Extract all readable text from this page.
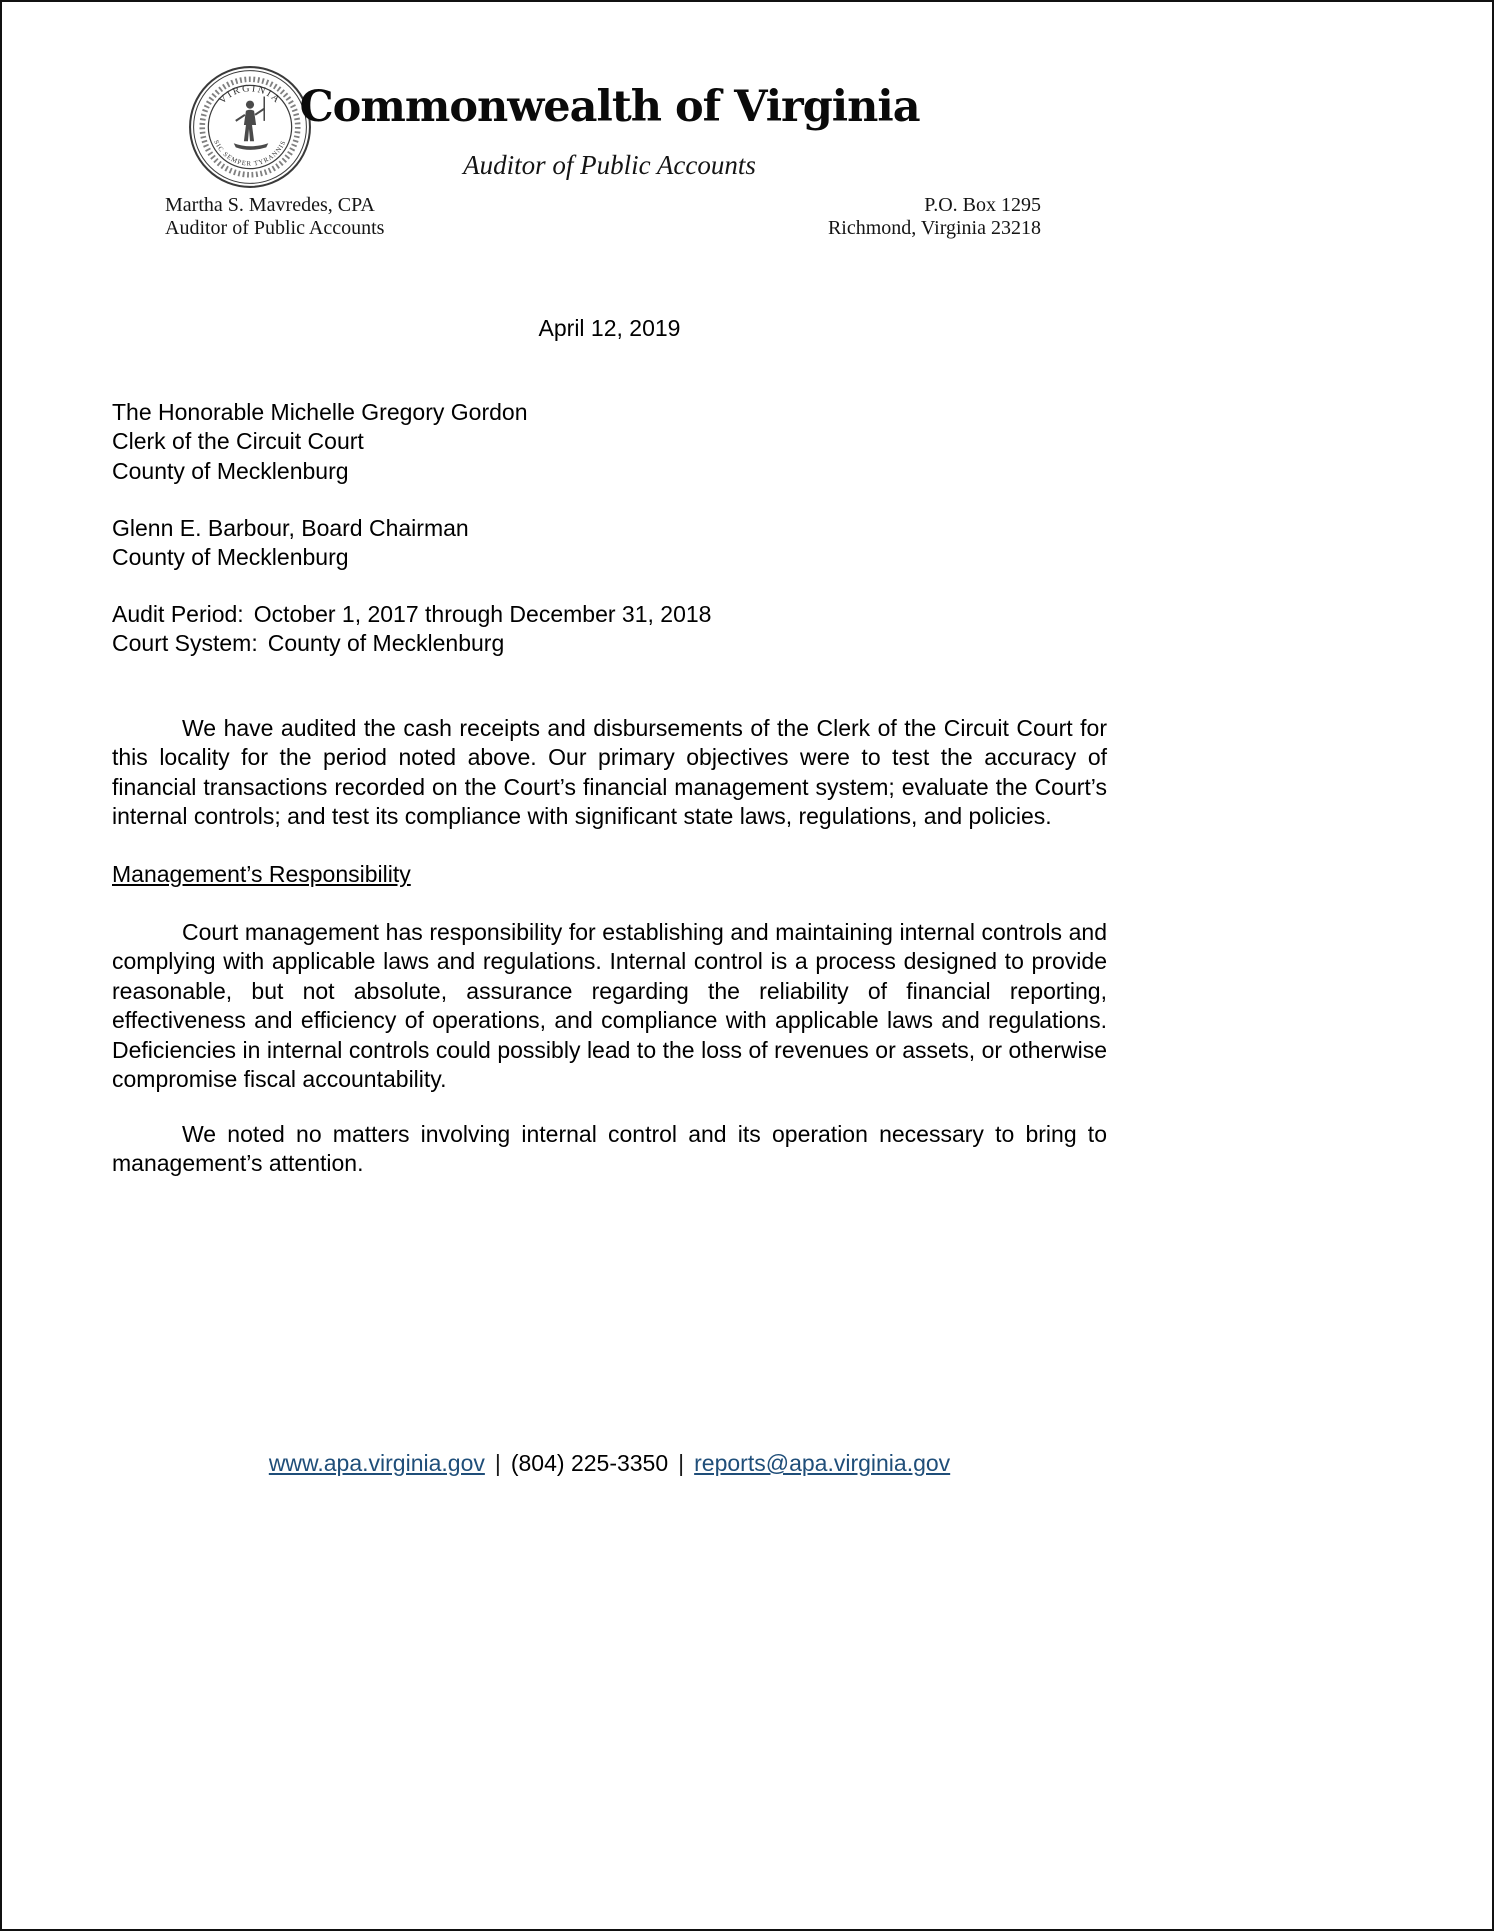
VIRGINIA
SIC SEMPER TYRANNIS
Commonwealth of Virginia
Auditor of Public Accounts
Martha S. Mavredes, CPA
Auditor of Public Accounts
P.O. Box 1295
Richmond, Virginia 23218
April 12, 2019
The Honorable Michelle Gregory Gordon
Clerk of the Circuit Court
County of Mecklenburg
Glenn E. Barbour, Board Chairman
County of Mecklenburg
Audit Period: October 1, 2017 through December 31, 2018
Court System: County of Mecklenburg
We have audited the cash receipts and disbursements of the Clerk of the Circuit Court for this locality for the period noted above. Our primary objectives were to test the accuracy of financial transactions recorded on the Court’s financial management system; evaluate the Court’s internal controls; and test its compliance with significant state laws, regulations, and policies.
Management’s Responsibility
Court management has responsibility for establishing and maintaining internal controls and complying with applicable laws and regulations. Internal control is a process designed to provide reasonable, but not absolute, assurance regarding the reliability of financial reporting, effectiveness and efficiency of operations, and compliance with applicable laws and regulations. Deficiencies in internal controls could possibly lead to the loss of revenues or assets, or otherwise compromise fiscal accountability.
We noted no matters involving internal control and its operation necessary to bring to management’s attention.
www.apa.virginia.gov | (804) 225-3350 | reports@apa.virginia.gov
